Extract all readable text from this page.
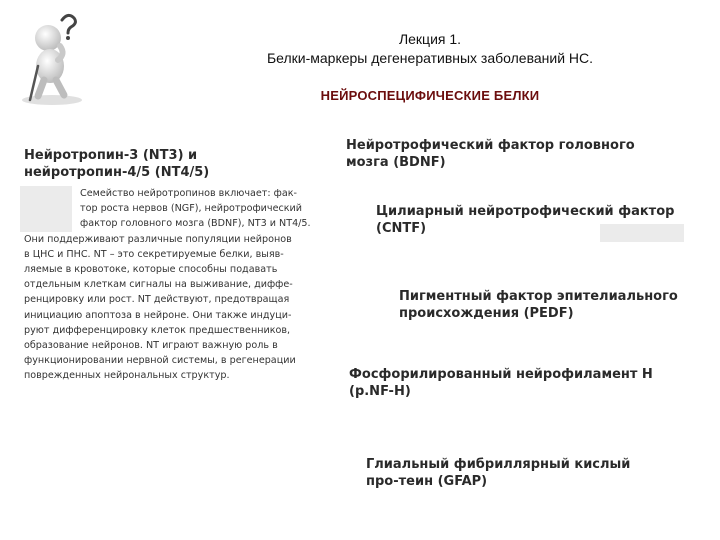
Лекция 1.
Белки-маркеры дегенеративных заболеваний НС.
НЕЙРОСПЕЦИФИЧЕСКИЕ БЕЛКИ
Нейротропин-3 (NT3) и нейротропин-4/5 (NT4/5)
Семейство нейротропинов включает: фак-
тор роста нервов (NGF), нейротрофический
фактор головного мозга (BDNF), NT3 и NT4/5.
Они поддерживают различные популяции нейронов
в ЦНС и ПНС. NT – это секретируемые белки, выяв-
ляемые в кровотоке, которые способны подавать
отдельным клеткам сигналы на выживание, диффе-
ренцировку или рост. NT действуют, предотвращая
инициацию апоптоза в нейроне. Они также индуци-
руют дифференцировку клеток предшественников,
образование нейронов. NT играют важную роль в
функционировании нервной системы, в регенерации
поврежденных нейрональных структур.
Нейротрофический фактор головного мозга (BDNF)
Цилиарный нейротрофический фактор (CNTF)
Пигментный фактор эпителиального происхождения (PEDF)
Фосфорилированный нейрофиламент Н (p.NF-H)
Глиальный фибриллярный кислый про-теин (GFAP)
